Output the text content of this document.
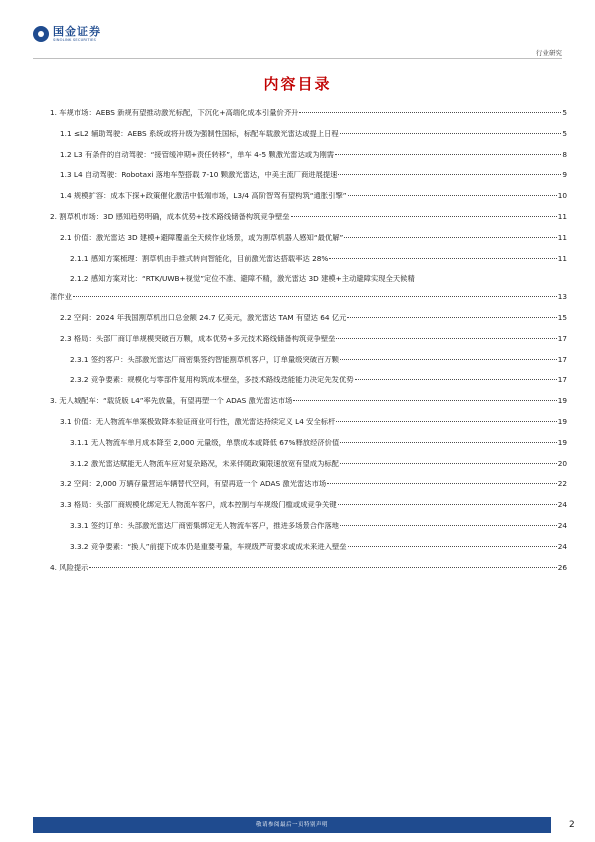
国金证券
SINOLINK SECURITIES
行业研究
内容目录
1. 车规市场：AEBS 新规有望推动激光标配，下沉化+高端化成本引量价齐升	5
1.1 ≤L2 辅助驾驶：AEBS 系统或将升级为强制性国标，标配车载激光雷达或提上日程	5
1.2 L3 有条件的自动驾驶：“接管缓冲期+责任转移”，单车 4-5 颗激光雷达或为刚需	8
1.3 L4 自动驾驶：Robotaxi 落地车型搭载 7-10 颗激光雷达，中美主流厂商进展提速	9
1.4 规模扩容：成本下探+政策催化激活中低端市场，L3/4 高阶智驾有望构筑“通胀引擎”	10
2. 割草机市场：3D 感知趋势明确，成本优势+技术路线储备构筑竞争壁垒	11
2.1 价值：激光雷达 3D 建模+避障覆盖全天候作业场景，或为割草机器人感知“最优解”	11
2.1.1 感知方案梳理：割草机由手推式转向智能化，目前激光雷达搭载率达 28%	11
2.1.2 感知方案对比：“RTK/UWB+视觉”定位不准、避障不精，激光雷达 3D 建模+主动避障实现全天候精
准作业	13
2.2 空间：2024 年我国割草机出口总金额 24.7 亿美元，激光雷达 TAM 有望达 64 亿元	15
2.3 格局：头部厂商订单规模突破百万颗，成本优势+多元技术路线储备构筑竞争壁垒	17
2.3.1 签约客户：头部激光雷达厂商密集签约智能割草机客户，订单量级突破百万颗	17
2.3.2 竞争要素：规模化与零部件复用构筑成本壁垒，多技术路线迭能能力决定先发优势	17
3. 无人城配车：“载货版 L4”率先放量，有望再塑一个 ADAS 激光雷达市场	19
3.1 价值：无人物流车单案极致降本验证商业可行性，激光雷达持续定义 L4 安全标杆	19
3.1.1 无人物流车单月成本降至 2,000 元量级，单票成本或降低 67%释放经济价值	19
3.1.2 激光雷达赋能无人物流车应对复杂路况，未来伴随政策限速放宽有望成为标配	20
3.2 空间：2,000 万辆存量营运车辆替代空间，有望再造一个 ADAS 激光雷达市场	22
3.3 格局：头部厂商规模化绑定无人物流车客户，成本控制与车规级门槛或成竞争关键	24
3.3.1 签约订单：头部激光雷达厂商密集绑定无人物流车客户，推进多场景合作落地	24
3.3.2 竞争要素：“换人”前提下成本仍是重要考量，车规级严苛要求或成未来进入壁垒	24
4. 风险提示	26
敬请参阅最后一页特别声明	2
